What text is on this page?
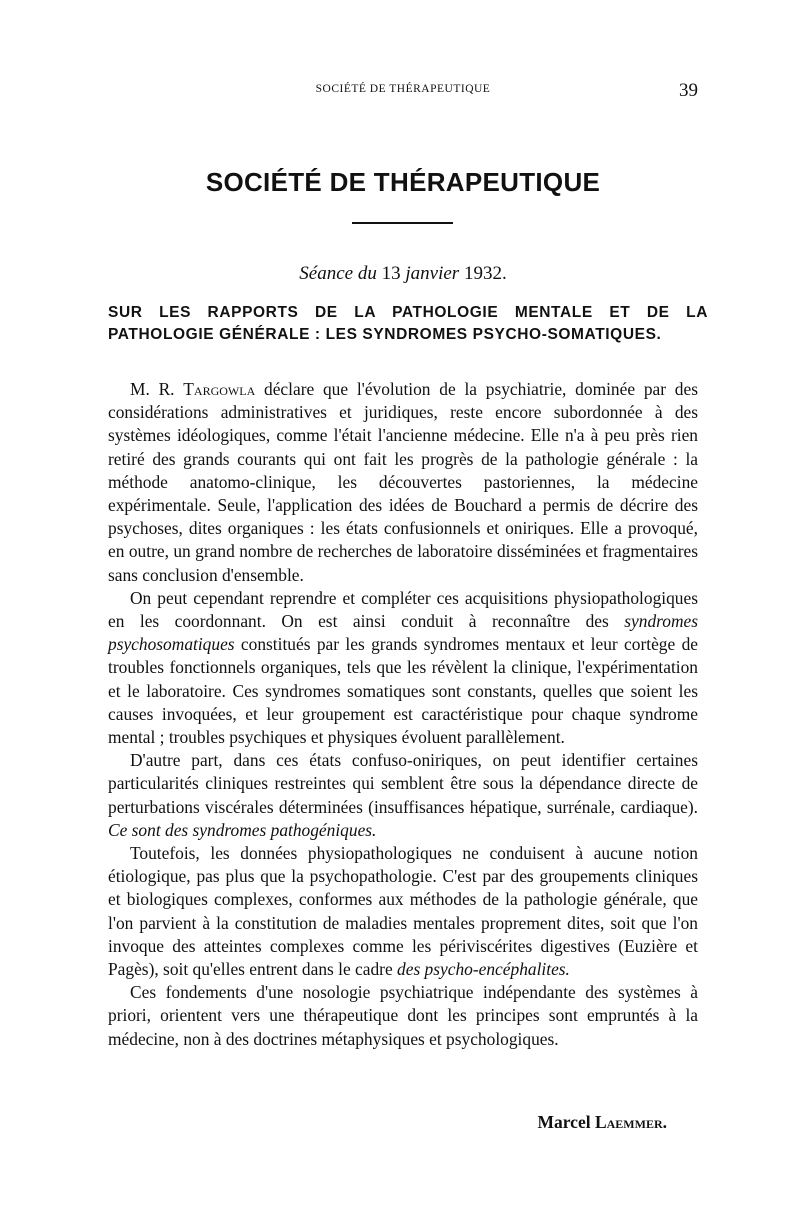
SOCIÉTÉ DE THÉRAPEUTIQUE	39
SOCIÉTÉ DE THÉRAPEUTIQUE
Séance du 13 janvier 1932.
SUR LES RAPPORTS DE LA PATHOLOGIE MENTALE ET DE LA PATHOLOGIE GÉNÉRALE : LES SYNDROMES PSYCHO-SOMATIQUES.

M. R. Targowla déclare que l'évolution de la psychiatrie, dominée par des considérations administratives et juridiques, reste encore subordonnée à des systèmes idéologiques, comme l'était l'ancienne médecine. Elle n'a à peu près rien retiré des grands courants qui ont fait les progrès de la pathologie générale : la méthode anatomo-clinique, les découvertes pastoriennes, la médecine expérimentale. Seule, l'application des idées de Bouchard a permis de décrire des psychoses, dites organiques : les états confusionnels et oniriques. Elle a provoqué, en outre, un grand nombre de recherches de laboratoire disséminées et fragmentaires sans conclusion d'ensemble.

On peut cependant reprendre et compléter ces acquisitions physiopathologiques en les coordonnant. On est ainsi conduit à reconnaître des syndromes psychosomatiques constitués par les grands syndromes mentaux et leur cortège de troubles fonctionnels organiques, tels que les révèlent la clinique, l'expérimentation et le laboratoire. Ces syndromes somatiques sont constants, quelles que soient les causes invoquées, et leur groupement est caractéristique pour chaque syndrome mental ; troubles psychiques et physiques évoluent parallèlement.

D'autre part, dans ces états confuso-oniriques, on peut identifier certaines particularités cliniques restreintes qui semblent être sous la dépendance directe de perturbations viscérales déterminées (insuffisances hépatique, surrénale, cardiaque). Ce sont des syndromes pathogéniques.

Toutefois, les données physiopathologiques ne conduisent à aucune notion étiologique, pas plus que la psychopathologie. C'est par des groupements cliniques et biologiques complexes, conformes aux méthodes de la pathologie générale, que l'on parvient à la constitution de maladies mentales proprement dites, soit que l'on invoque des atteintes complexes comme les périviscérites digestives (Euzière et Pagès), soit qu'elles entrent dans le cadre des psycho-encéphalites.

Ces fondements d'une nosologie psychiatrique indépendante des systèmes à priori, orientent vers une thérapeutique dont les principes sont empruntés à la médecine, non à des doctrines métaphysiques et psychologiques.

Marcel Laemmer.
